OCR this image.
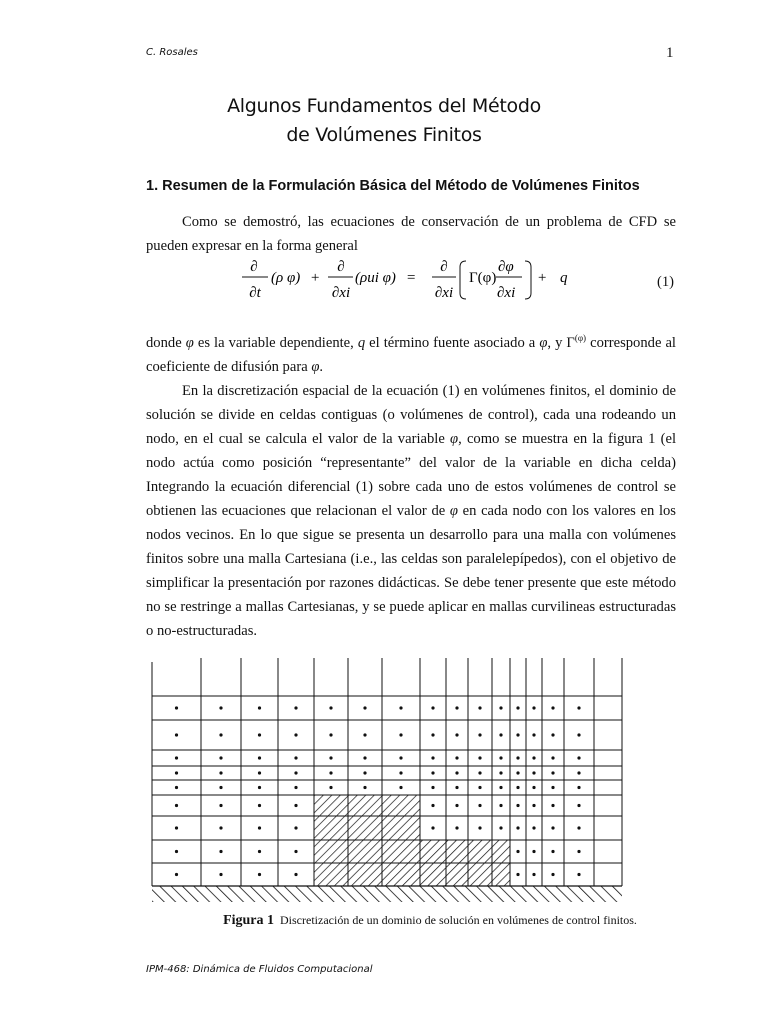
C. Rosales	1
Algunos Fundamentos del Método
de Volúmenes Finitos
1. Resumen de la Formulación Básica del Método de Volúmenes Finitos

Como se demostró, las ecuaciones de conservación de un problema de CFD se pueden expresar en la forma general

∂
∂t
(ρ φ) +
∂
∂xi
(ρui φ) =
∂
∂xi
Γ(φ)
∂φ
∂xi
+ q	(1)

donde φ es la variable dependiente, q el término fuente asociado a φ, y $\Gamma^{(\varphi)}$ corresponde al coeficiente de difusión para φ.

En la discretización espacial de la ecuación (1) en volúmenes finitos, el dominio de solución se divide en celdas contiguas (o volúmenes de control), cada una rodeando un nodo, en el cual se calcula el valor de la variable φ, como se muestra en la figura 1 (el nodo actúa como posición “representante” del valor de la variable en dicha celda) Integrando la ecuación diferencial (1) sobre cada uno de estos volúmenes de control se obtienen las ecuaciones que relacionan el valor de φ en cada nodo con los valores en los nodos vecinos. En lo que sigue se presenta un desarrollo para una malla con volúmenes finitos sobre una malla Cartesiana (i.e., las celdas son paralelepípedos), con el objetivo de simplificar la presentación por razones didácticas. Se debe tener presente que este método no se restringe a mallas Cartesianas, y se puede aplicar en mallas curvilineas estructuradas o no-estructuradas.

Figura 1 Discretización de un dominio de solución en volúmenes de control finitos.
IPM-468: Dinámica de Fluidos Computacional
